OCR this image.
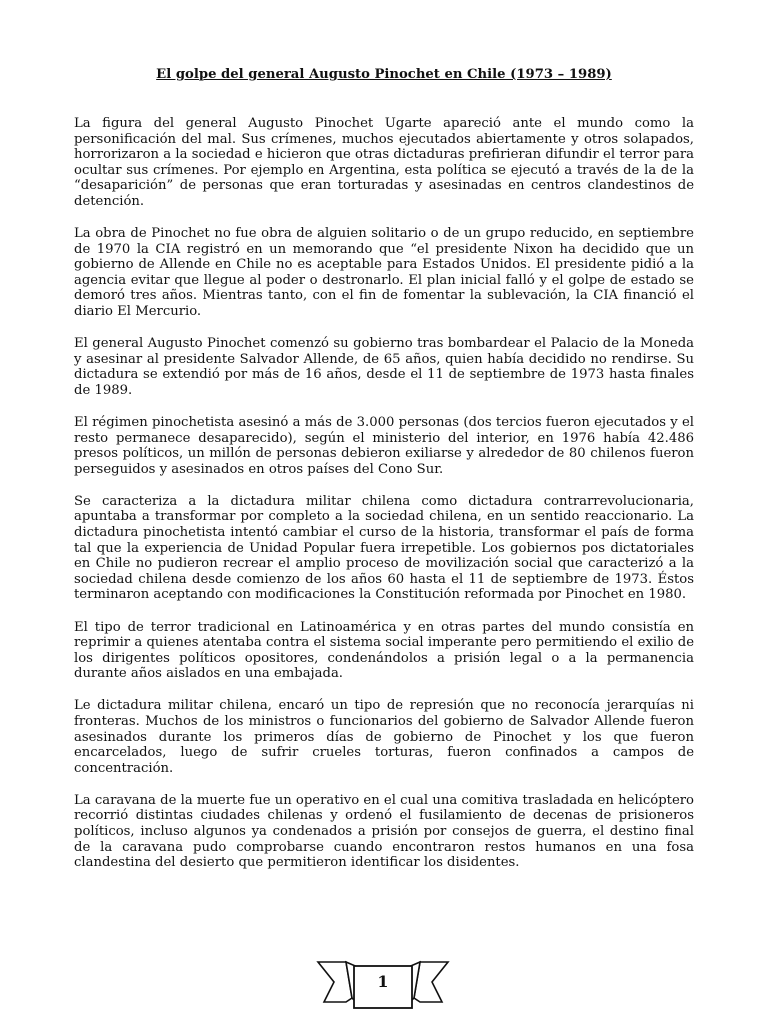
El golpe del general Augusto Pinochet en Chile (1973 – 1989)

La figura del general Augusto Pinochet Ugarte apareció ante el mundo como la personificación del mal. Sus crímenes, muchos ejecutados abiertamente y otros solapados, horrorizaron a la sociedad e hicieron que otras dictaduras prefirieran difundir el terror para ocultar sus crímenes. Por ejemplo en Argentina, esta política se ejecutó a través de la de la “desaparición” de personas que eran torturadas y asesinadas en centros clandestinos de detención.

La obra de Pinochet no fue obra de alguien solitario o de un grupo reducido, en septiembre de 1970 la CIA registró en un memorando que “el presidente Nixon ha decidido que un gobierno de Allende en Chile no es aceptable para Estados Unidos. El presidente pidió a la agencia evitar que llegue al poder o destronarlo. El plan inicial falló y el golpe de estado se demoró tres años. Mientras tanto, con el fin de fomentar la sublevación, la CIA financió el diario El Mercurio.

El general Augusto Pinochet comenzó su gobierno tras bombardear el Palacio de la Moneda y asesinar al presidente Salvador Allende, de 65 años, quien había decidido no rendirse. Su dictadura se extendió por más de 16 años, desde el 11 de septiembre de 1973 hasta finales de 1989.

El régimen pinochetista asesinó a más de 3.000 personas (dos tercios fueron ejecutados y el resto permanece desaparecido), según el ministerio del interior, en 1976 había 42.486 presos políticos, un millón de personas debieron exiliarse y alrededor de 80 chilenos fueron perseguidos y asesinados en otros países del Cono Sur.

Se caracteriza a la dictadura militar chilena como dictadura contrarrevolucionaria, apuntaba a transformar por completo a la sociedad chilena, en un sentido reaccionario. La dictadura pinochetista intentó cambiar el curso de la historia, transformar el país de forma tal que la experiencia de Unidad Popular fuera irrepetible. Los gobiernos pos dictatoriales en Chile no pudieron recrear el amplio proceso de movilización social que caracterizó a la sociedad chilena desde comienzo de los años 60 hasta el 11 de septiembre de 1973. Éstos terminaron aceptando con modificaciones la Constitución reformada por Pinochet en 1980.

El tipo de terror tradicional en Latinoamérica y en otras partes del mundo consistía en reprimir a quienes atentaba contra el sistema social imperante pero permitiendo el exilio de los dirigentes políticos opositores, condenándolos a prisión legal o a la permanencia durante años aislados en una embajada.

Le dictadura militar chilena, encaró un tipo de represión que no reconocía jerarquías ni fronteras. Muchos de los ministros o funcionarios del gobierno de Salvador Allende fueron asesinados durante los primeros días de gobierno de Pinochet y los que fueron encarcelados, luego de sufrir crueles torturas, fueron confinados a campos de concentración.

La caravana de la muerte fue un operativo en el cual una comitiva trasladada en helicóptero recorrió distintas ciudades chilenas y ordenó el fusilamiento de decenas de prisioneros políticos, incluso algunos ya condenados a prisión por consejos de guerra, el destino final de la caravana pudo comprobarse cuando encontraron restos humanos en una fosa clandestina del desierto que permitieron identificar los disidentes.

1
